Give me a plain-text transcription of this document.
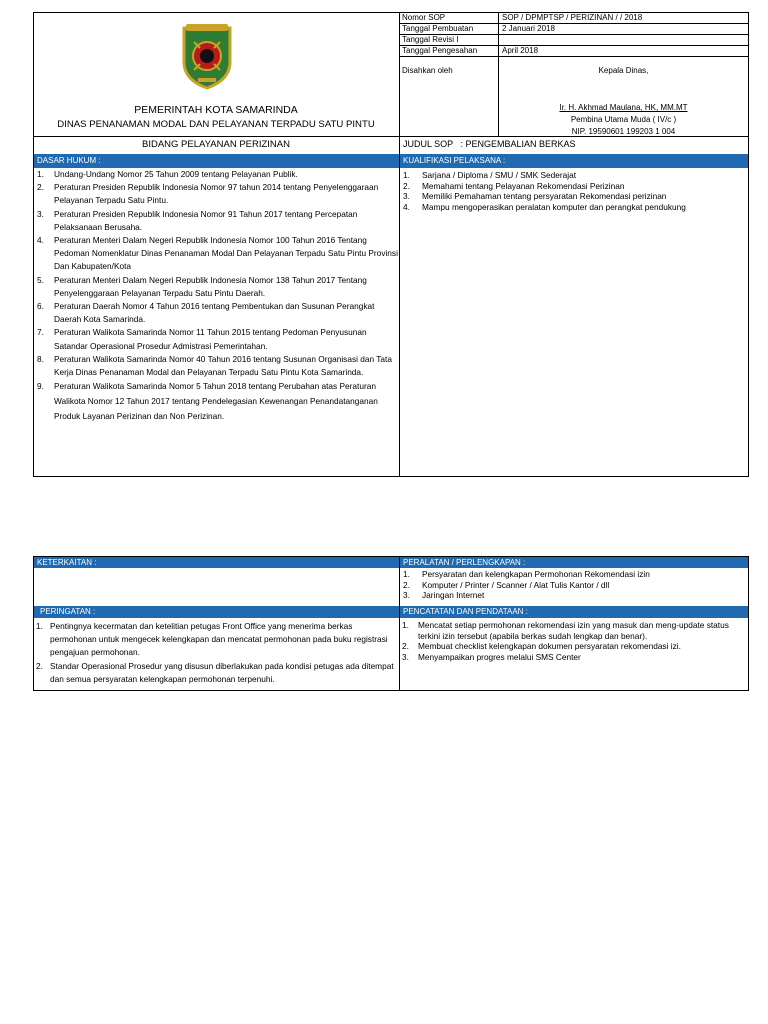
PEMERINTAH KOTA SAMARINDA
DINAS PENANAMAN MODAL DAN PELAYANAN TERPADU SATU PINTU
BIDANG PELAYANAN PERIZINAN
Nomor SOP	SOP / DPMPTSP / PERIZINAN / / 2018
Tanggal Pembuatan	2 Januari 2018
Tanggal Revisi I
Tanggal Pengesahan	April 2018
Disahkan oleh	Kepala Dinas,
Ir. H. Akhmad Maulana, HK, MM.MT
Pembina Utama Muda ( IV/c )
NIP. 19590601 199203 1 004
JUDUL SOP   : PENGEMBALIAN BERKAS
DASAR HUKUM :	KUALIFIKASI PELAKSANA :
1. Undang-Undang Nomor 25 Tahun 2009 tentang Pelayanan Publik.
2. Peraturan Presiden Republik Indonesia Nomor 97 tahun 2014 tentang Penyelenggaraan Pelayanan Terpadu Satu Pintu.
3. Peraturan Presiden Republik Indonesia Nomor 91 Tahun 2017 tentang Percepatan Pelaksanaan Berusaha.
4. Peraturan Menteri Dalam Negeri Republik Indonesia Nomor 100 Tahun 2016 Tentang Pedoman Nomenklatur Dinas Penanaman Modal Dan Pelayanan Terpadu Satu Pintu Provinsi Dan Kabupaten/Kota
5. Peraturan Menteri Dalam Negeri Republik Indonesia Nomor 138 Tahun 2017 Tentang Penyelenggaraan Pelayanan Terpadu Satu Pintu Daerah.
6. Peraturan Daerah Nomor 4 Tahun 2016 tentang Pembentukan dan Susunan Perangkat Daerah Kota Samarinda.
7. Peraturan Walikota Samarinda Nomor 11 Tahun 2015 tentang Pedoman Penyusunan Satandar Operasional Prosedur Admistrasi Pemerintahan.
8. Peraturan Walikota Samarinda Nomor 40 Tahun 2016 tentang Susunan Organisasi dan Tata Kerja Dinas Penanaman Modal dan Pelayanan Terpadu Satu Pintu Kota Samarinda.
9. Peraturan Walikota Samarinda Nomor 5 Tahun 2018 tentang Perubahan atas Peraturan Walikota Nomor 12 Tahun 2017 tentang Pendelegasian Kewenangan Penandatanganan Produk Layanan Perizinan dan Non Perizinan.
1. Sarjana / Diploma / SMU / SMK Sederajat
2. Memahami tentang Pelayanan Rekomendasi Perizinan
3. Memiliki Pemahaman tentang persyaratan Rekomendasi perizinan
4. Mampu mengoperasikan peralatan komputer dan perangkat pendukung
KETERKAITAN :	PERALATAN / PERLENGKAPAN :
1. Persyaratan dan kelengkapan Permohonan Rekomendasi izin
2. Komputer / Printer / Scanner / Alat Tulis Kantor / dll
3. Jaringan Internet
PERINGATAN :	PENCATATAN DAN PENDATAAN :
1. Pentingnya kecermatan dan ketelitian petugas Front Office yang menerima berkas permohonan untuk mengecek kelengkapan dan mencatat permohonan pada buku registrasi pengajuan permohonan.
2. Standar Operasional Prosedur yang disusun diberlakukan pada kondisi petugas ada ditempat dan semua persyaratan kelengkapan permohonan terpenuhi.
1. Mencatat setiap permohonan rekomendasi izin yang masuk dan meng-update status terkini izin tersebut (apabila berkas sudah lengkap dan benar).
2. Membuat checklist kelengkapan dokumen persyaratan rekomendasi izi.
3. Menyampaikan progres melalui SMS Center
